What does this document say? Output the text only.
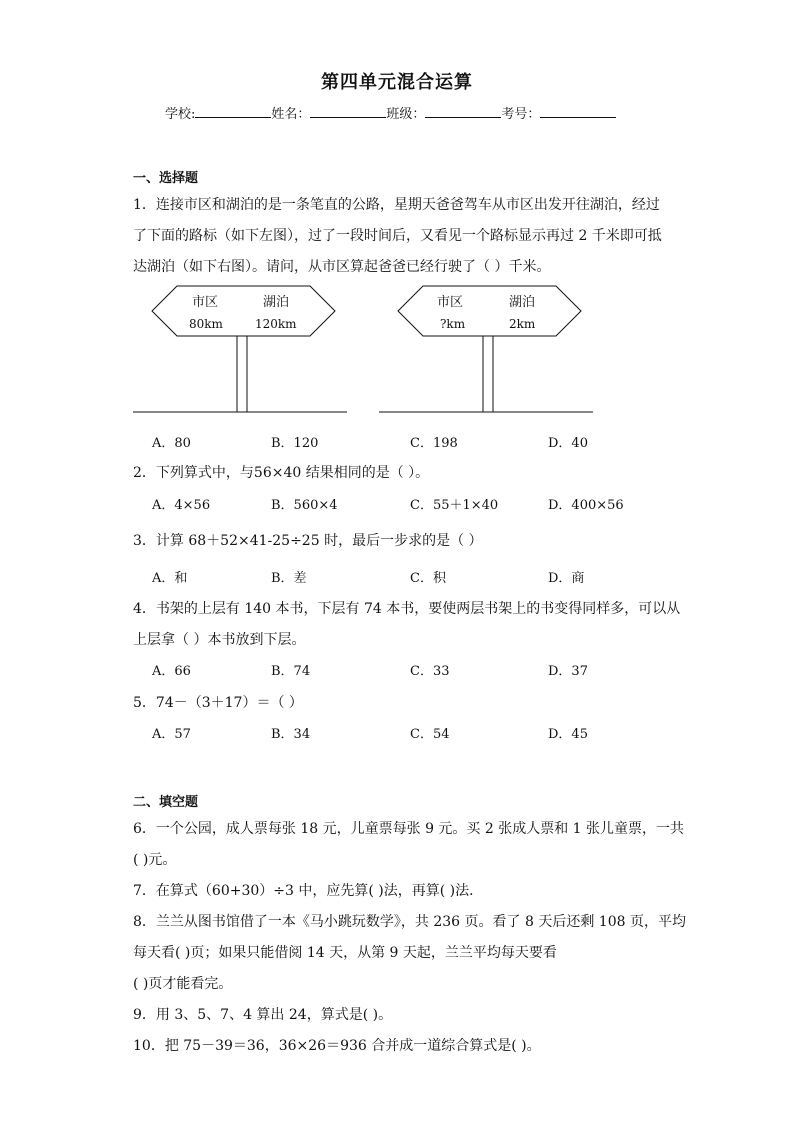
第四单元混合运算
学校:	姓名：	班级：	考号：
一、选择题
1．连接市区和湖泊的是一条笔直的公路，星期天爸爸驾车从市区出发开往湖泊，经过
了下面的路标（如下左图），过了一段时间后，又看见一个路标显示再过 2 千米即可抵
达湖泊（如下右图）。请问，从市区算起爸爸已经行驶了（ ）千米。
市区	湖泊
80km	120km
市区	湖泊
?km	2km
A．80	B．120	C．198	D．40
2．下列算式中，与56×40 结果相同的是（ ）。
A．4×56	B．560×4	C．55＋1×40	D．400×56
3．计算 68＋52×41-25÷25 时，最后一步求的是（ ）
A．和	B．差	C．积	D．商
4．书架的上层有 140 本书，下层有 74 本书，要使两层书架上的书变得同样多，可以从
上层拿（ ）本书放到下层。
A．66	B．74	C．33	D．37
5．74－（3＋17）＝（ ）
A．57	B．34	C．54	D．45
二、填空题
6．一个公园，成人票每张 18 元，儿童票每张 9 元。买 2 张成人票和 1 张儿童票，一共
( )元。
7．在算式（60+30）÷3 中，应先算( )法，再算( )法．
8．兰兰从图书馆借了一本《马小跳玩数学》，共 236 页。看了 8 天后还剩 108 页，平均
每天看( )页；如果只能借阅 14 天，从第 9 天起，兰兰平均每天要看
( )页才能看完。
9．用 3、5、7、4 算出 24，算式是( )。
10．把 75－39＝36，36×26＝936 合并成一道综合算式是( )。
